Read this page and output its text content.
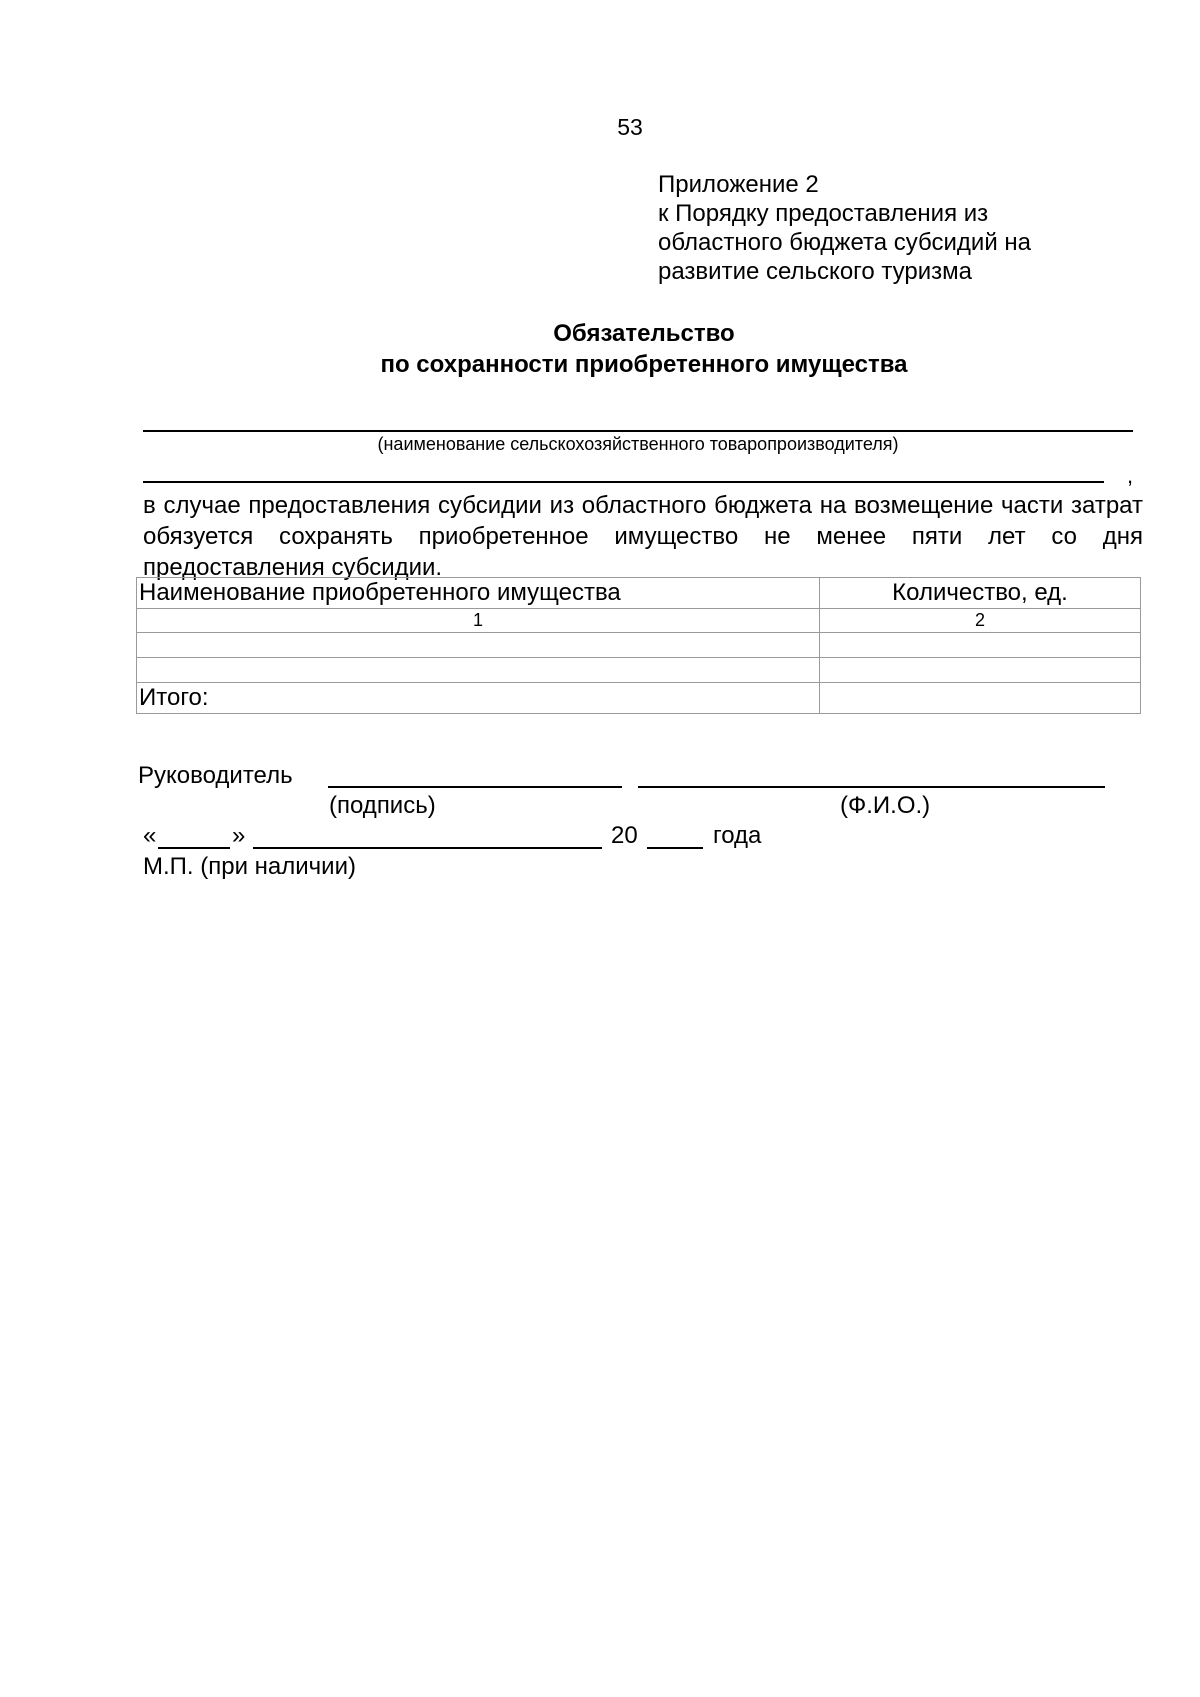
53
Приложение 2
к Порядку предоставления из
областного бюджета субсидий на
развитие сельского туризма
Обязательство
по сохранности приобретенного имущества
(наименование сельскохозяйственного товаропроизводителя)
,
в случае предоставления субсидии из областного бюджета на возмещение части затрат обязуется сохранять приобретенное имущество не менее пяти лет со дня предоставления субсидии.
Наименование приобретенного имущества	Количество, ед.
1	2

Итого:	
Руководитель
(подпись)	(Ф.И.О.)
«	»	20	года
М.П. (при наличии)
